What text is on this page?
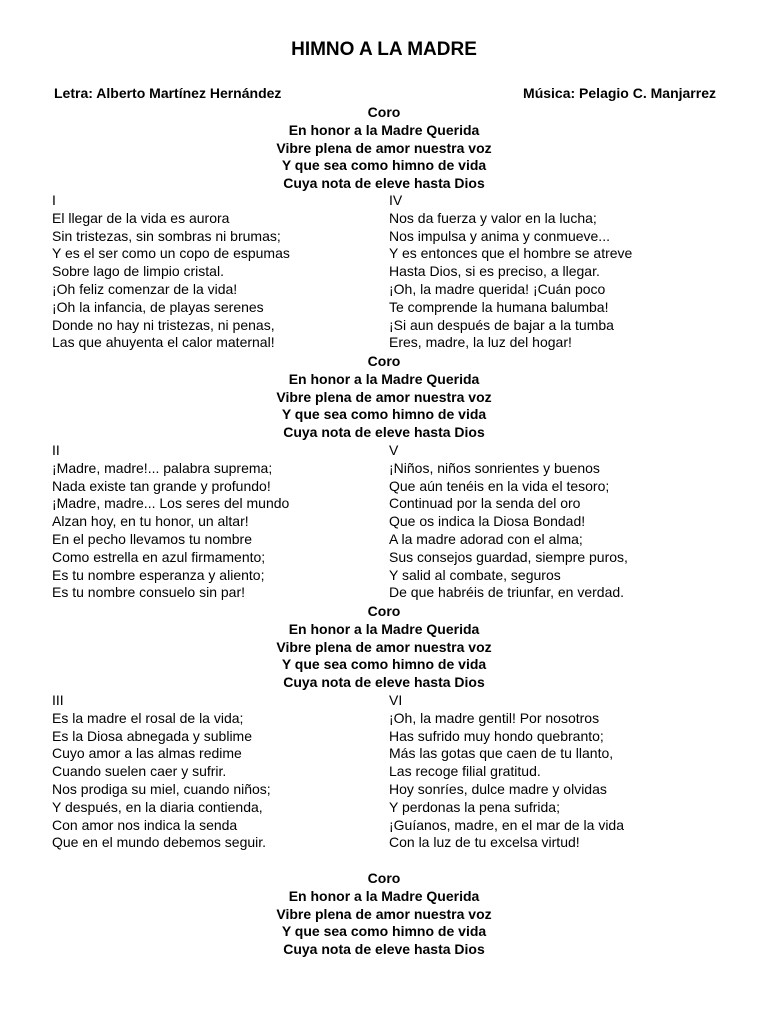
HIMNO A LA MADRE
Letra: Alberto Martínez Hernández	Música: Pelagio C. Manjarrez
Coro
En honor a la Madre Querida
Vibre plena de amor nuestra voz
Y que sea como himno de vida
Cuya nota de eleve hasta Dios
I
El llegar de la vida es aurora
Sin tristezas, sin sombras ni brumas;
Y es el ser como un copo de espumas
Sobre lago de limpio cristal.
¡Oh feliz comenzar de la vida!
¡Oh la infancia, de playas serenes
Donde no hay ni tristezas, ni penas,
Las que ahuyenta el calor maternal!
IV
Nos da fuerza y valor en la lucha;
Nos impulsa y anima y conmueve...
Y es entonces que el hombre se atreve
Hasta Dios, si es preciso, a llegar.
¡Oh, la madre querida! ¡Cuán poco
Te comprende la humana balumba!
¡Si aun después de bajar a la tumba
Eres, madre, la luz del hogar!
Coro
En honor a la Madre Querida
Vibre plena de amor nuestra voz
Y que sea como himno de vida
Cuya nota de eleve hasta Dios
II
¡Madre, madre!... palabra suprema;
Nada existe tan grande y profundo!
¡Madre, madre... Los seres del mundo
Alzan hoy, en tu honor, un altar!
En el pecho llevamos tu nombre
Como estrella en azul firmamento;
Es tu nombre esperanza y aliento;
Es tu nombre consuelo sin par!
V
¡Niños, niños sonrientes y buenos
Que aún tenéis en la vida el tesoro;
Continuad por la senda del oro
Que os indica la Diosa Bondad!
A la madre adorad con el alma;
Sus consejos guardad, siempre puros,
Y salid al combate, seguros
De que habréis de triunfar, en verdad.
Coro
En honor a la Madre Querida
Vibre plena de amor nuestra voz
Y que sea como himno de vida
Cuya nota de eleve hasta Dios
III
Es la madre el rosal de la vida;
Es la Diosa abnegada y sublime
Cuyo amor a las almas redime
Cuando suelen caer y sufrir.
Nos prodiga su miel, cuando niños;
Y después, en la diaria contienda,
Con amor nos indica la senda
Que en el mundo debemos seguir.
VI
¡Oh, la madre gentil! Por nosotros
Has sufrido muy hondo quebranto;
Más las gotas que caen de tu llanto,
Las recoge filial gratitud.
Hoy sonríes, dulce madre y olvidas
Y perdonas la pena sufrida;
¡Guíanos, madre, en el mar de la vida
Con la luz de tu excelsa virtud!
Coro
En honor a la Madre Querida
Vibre plena de amor nuestra voz
Y que sea como himno de vida
Cuya nota de eleve hasta Dios
